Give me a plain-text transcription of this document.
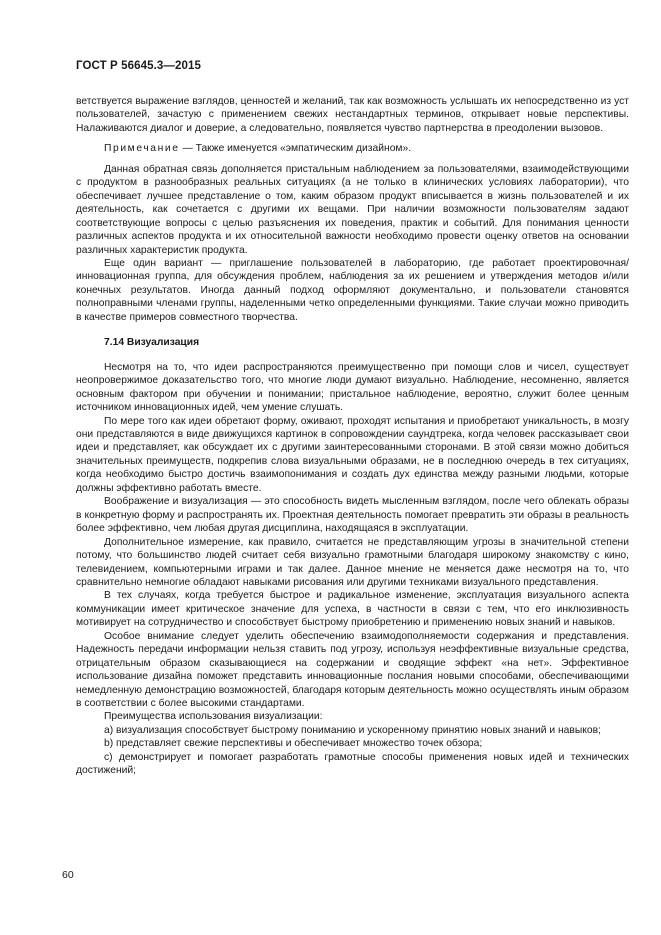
ГОСТ Р 56645.3—2015

ветствуется выражение взглядов, ценностей и желаний, так как возможность услышать их непосредственно из уст пользователей, зачастую с применением свежих нестандартных терминов, открывает новые перспективы. Налаживаются диалог и доверие, а следовательно, появляется чувство партнерства в преодолении вызовов.

Примечание — Также именуется «эмпатическим дизайном».

Данная обратная связь дополняется пристальным наблюдением за пользователями, взаимодействующими с продуктом в разнообразных реальных ситуациях (а не только в клинических условиях лаборатории), что обеспечивает лучшее представление о том, каким образом продукт вписывается в жизнь пользователей и их деятельность, как сочетается с другими их вещами. При наличии возможности пользователям задают соответствующие вопросы с целью разъяснения их поведения, практик и событий. Для понимания ценности различных аспектов продукта и их относительной важности необходимо провести оценку ответов на основании различных характеристик продукта.

Еще один вариант — приглашение пользователей в лабораторию, где работает проектировочная/инновационная группа, для обсуждения проблем, наблюдения за их решением и утверждения методов и/или конечных результатов. Иногда данный подход оформляют документально, и пользователи становятся полноправными членами группы, наделенными четко определенными функциями. Такие случаи можно приводить в качестве примеров совместного творчества.

7.14 Визуализация

Несмотря на то, что идеи распространяются преимущественно при помощи слов и чисел, существует неопровержимое доказательство того, что многие люди думают визуально. Наблюдение, несомненно, является основным фактором при обучении и понимании; пристальное наблюдение, вероятно, служит более ценным источником инновационных идей, чем умение слушать.

По мере того как идеи обретают форму, оживают, проходят испытания и приобретают уникальность, в мозгу они представляются в виде движущихся картинок в сопровождении саундтрека, когда человек рассказывает свои идеи и представляет, как обсуждает их с другими заинтересованными сторонами. В этой связи можно добиться значительных преимуществ, подкрепив слова визуальными образами, не в последнюю очередь в тех ситуациях, когда необходимо быстро достичь взаимопонимания и создать дух единства между разными людьми, которые должны эффективно работать вместе.

Воображение и визуализация — это способность видеть мысленным взглядом, после чего облекать образы в конкретную форму и распространять их. Проектная деятельность помогает превратить эти образы в реальность более эффективно, чем любая другая дисциплина, находящаяся в эксплуатации.

Дополнительное измерение, как правило, считается не представляющим угрозы в значительной степени потому, что большинство людей считает себя визуально грамотными благодаря широкому знакомству с кино, телевидением, компьютерными играми и так далее. Данное мнение не меняется даже несмотря на то, что сравнительно немногие обладают навыками рисования или другими техниками визуального представления.

В тех случаях, когда требуется быстрое и радикальное изменение, эксплуатация визуального аспекта коммуникации имеет критическое значение для успеха, в частности в связи с тем, что его инклюзивность мотивирует на сотрудничество и способствует быстрому приобретению и применению новых знаний и навыков.

Особое внимание следует уделить обеспечению взаимодополняемости содержания и представления. Надежность передачи информации нельзя ставить под угрозу, используя неэффективные визуальные средства, отрицательным образом сказывающиеся на содержании и сводящие эффект «на нет». Эффективное использование дизайна поможет представить инновационные послания новыми способами, обеспечивающими немедленную демонстрацию возможностей, благодаря которым деятельность можно осуществлять иным образом в соответствии с более высокими стандартами.

Преимущества использования визуализации:

а) визуализация способствует быстрому пониманию и ускоренному принятию новых знаний и навыков;

b) представляет свежие перспективы и обеспечивает множество точек обзора;

c) демонстрирует и помогает разработать грамотные способы применения новых идей и технических достижений;

60
